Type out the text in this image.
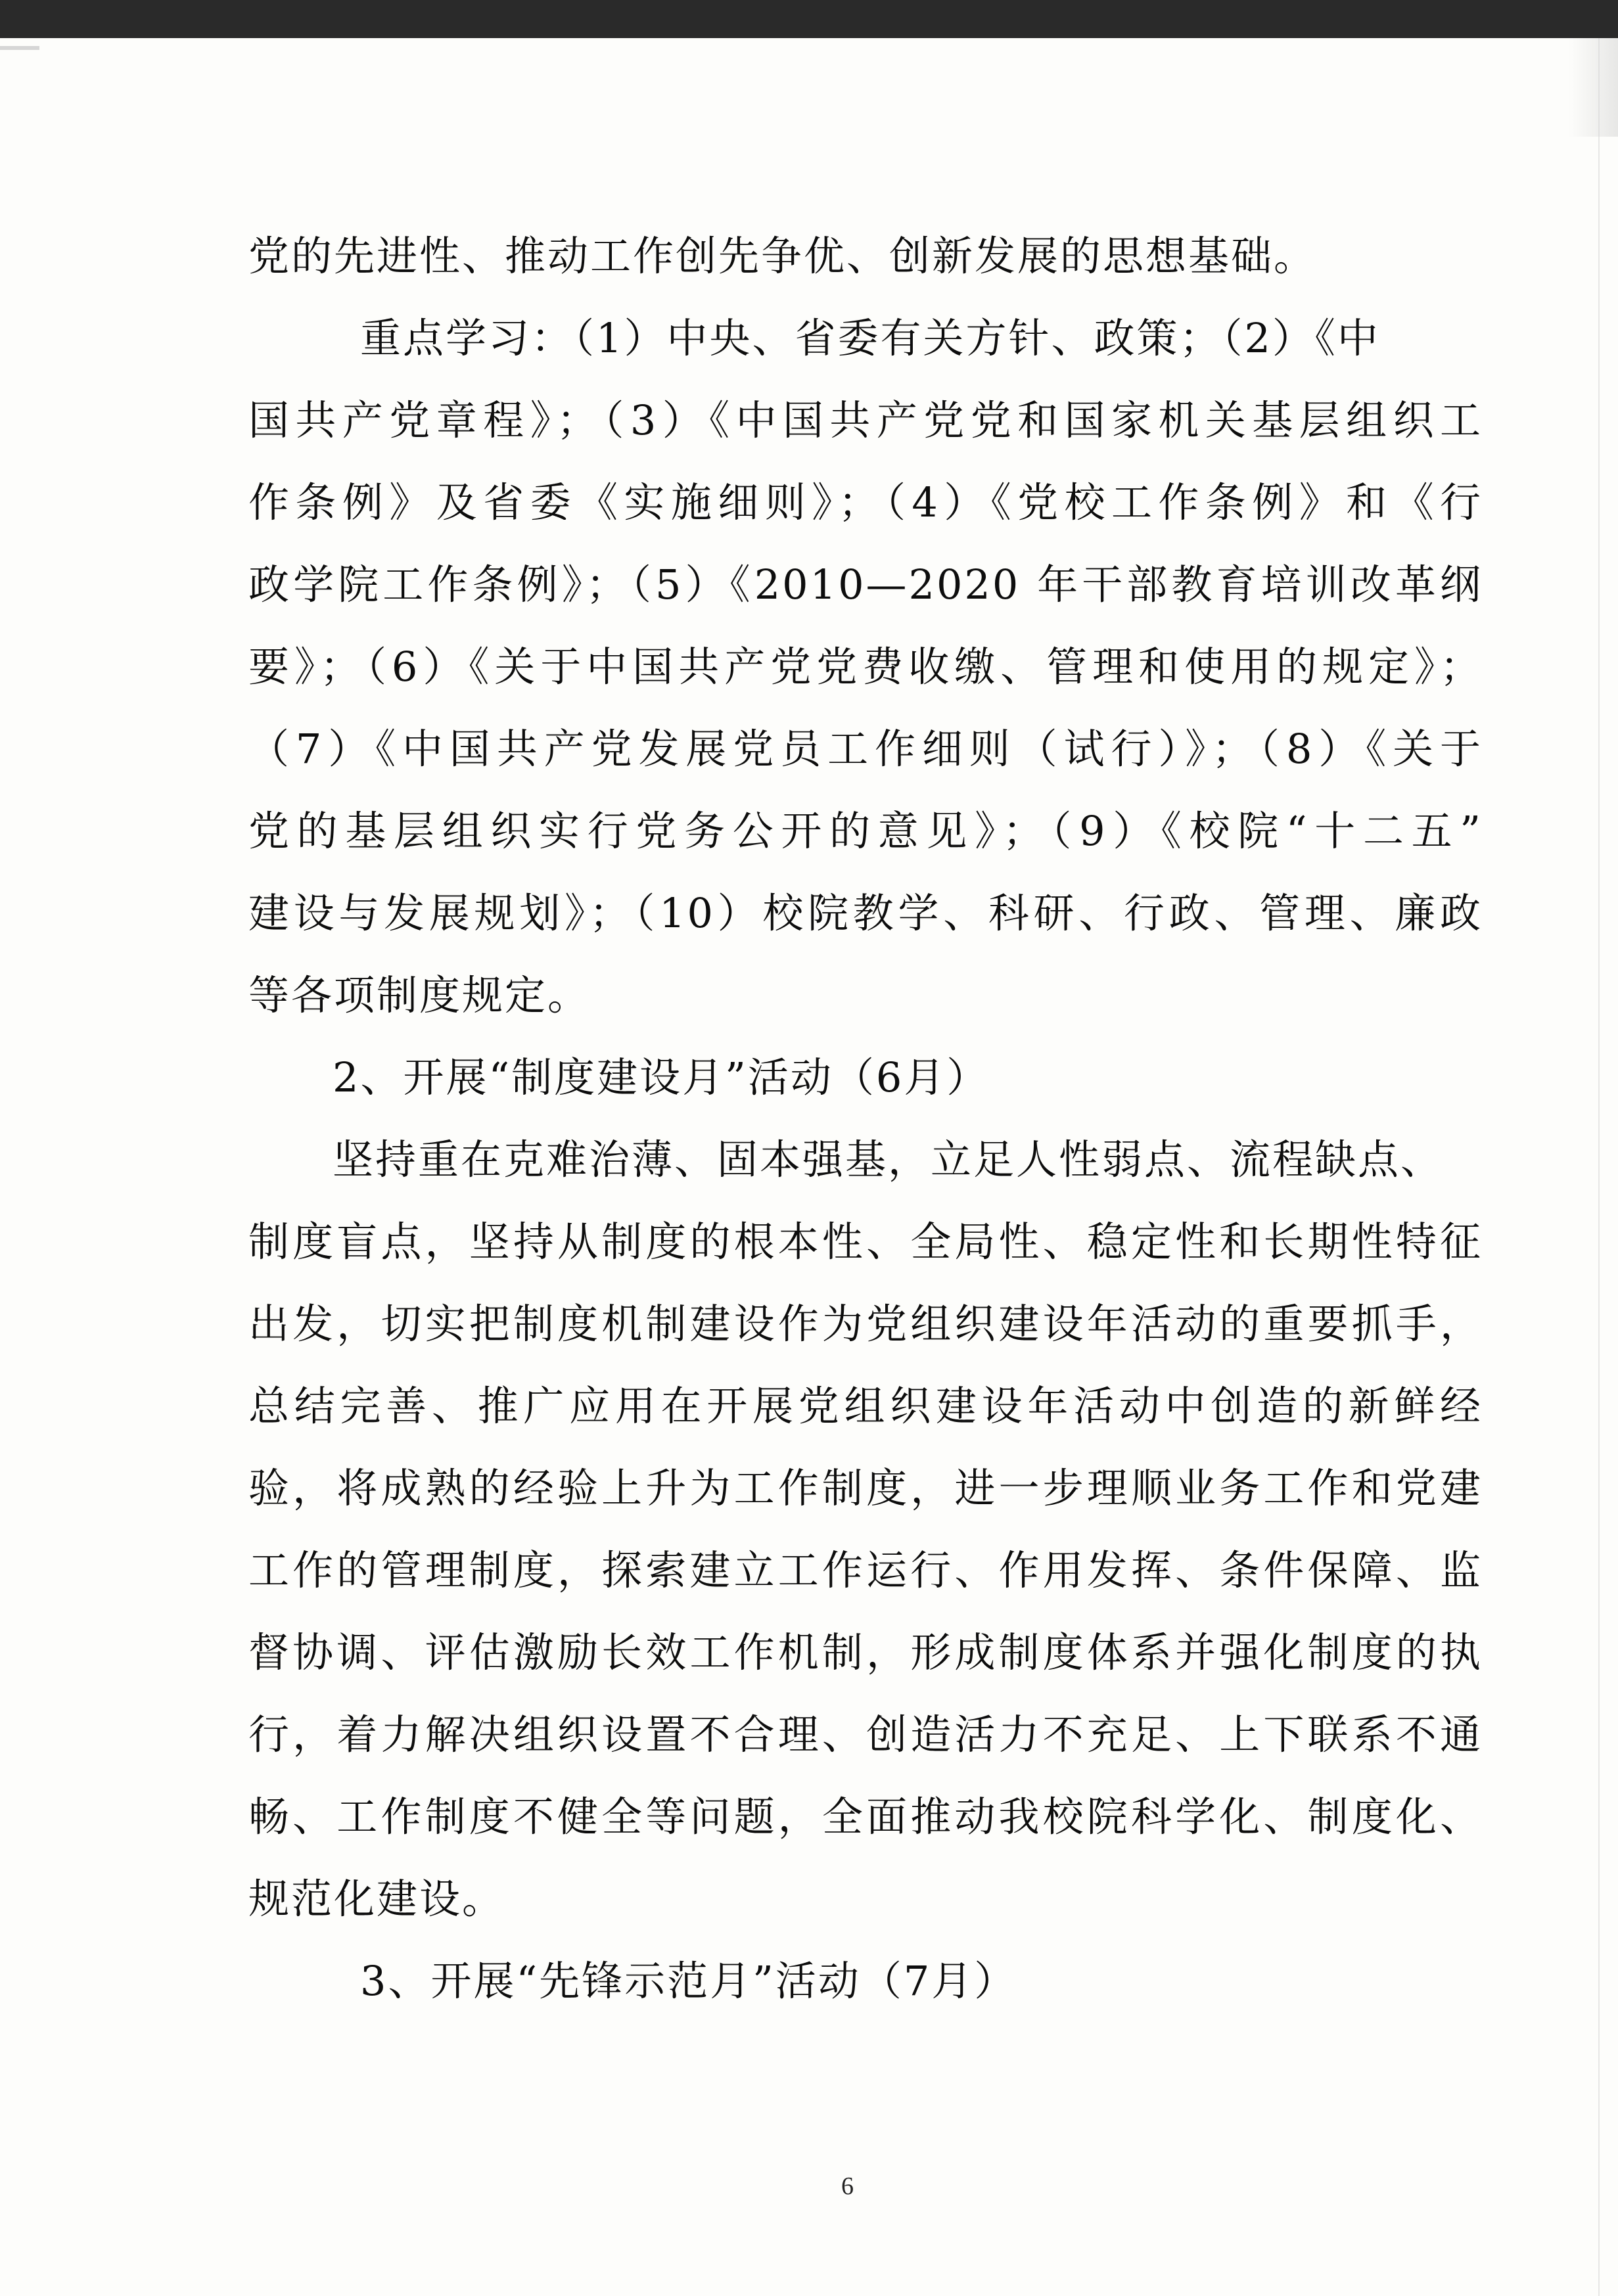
党的先进性、推动工作创先争优、创新发展的思想基础。
重点学习：（1）中央、省委有关方针、政策；（2）《中
国共产党章程》；（3）《中国共产党党和国家机关基层组织工
作条例》及省委《实施细则》；（4）《党校工作条例》和《行
政学院工作条例》；（5）《2010—2020 年干部教育培训改革纲
要》；（6）《关于中国共产党党费收缴、管理和使用的规定》；
（7）《中国共产党发展党员工作细则（试行）》；（8）《关于
党的基层组织实行党务公开的意见》；（9）《校院“十二五”
建设与发展规划》；（10）校院教学、科研、行政、管理、廉政
等各项制度规定。
2、开展“制度建设月”活动（6月）
坚持重在克难治薄、固本强基，立足人性弱点、流程缺点、
制度盲点，坚持从制度的根本性、全局性、稳定性和长期性特征
出发，切实把制度机制建设作为党组织建设年活动的重要抓手，
总结完善、推广应用在开展党组织建设年活动中创造的新鲜经
验，将成熟的经验上升为工作制度，进一步理顺业务工作和党建
工作的管理制度，探索建立工作运行、作用发挥、条件保障、监
督协调、评估激励长效工作机制，形成制度体系并强化制度的执
行，着力解决组织设置不合理、创造活力不充足、上下联系不通
畅、工作制度不健全等问题，全面推动我校院科学化、制度化、
规范化建设。
3、开展“先锋示范月”活动（7月）
6
